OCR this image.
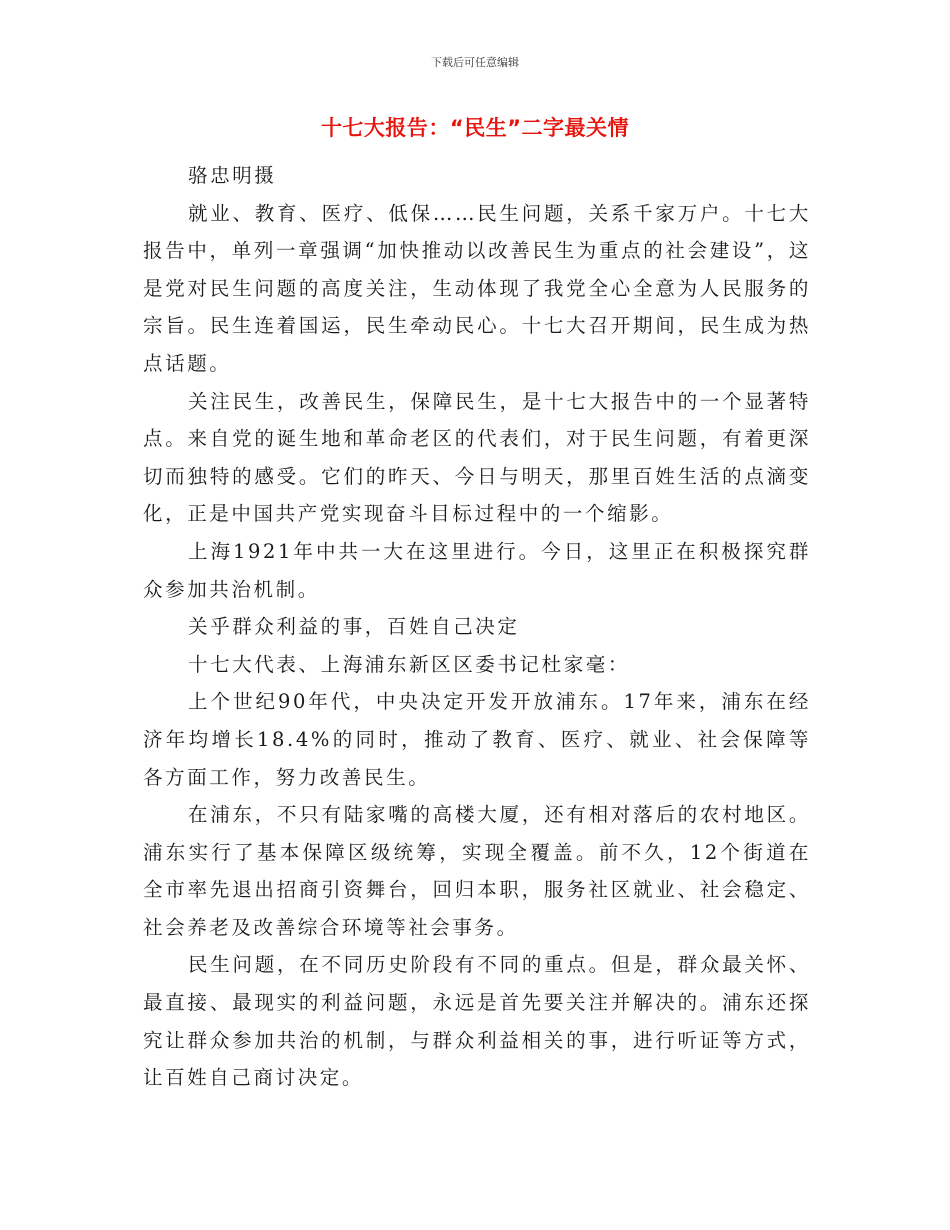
下载后可任意编辑
十七大报告：“民生”二字最关情

骆忠明摄

就业、教育、医疗、低保……民生问题，关系千家万户。十七大报告中，单列一章强调“加快推动以改善民生为重点的社会建设”，这是党对民生问题的高度关注，生动体现了我党全心全意为人民服务的宗旨。民生连着国运，民生牵动民心。十七大召开期间，民生成为热点话题。

关注民生，改善民生，保障民生，是十七大报告中的一个显著特点。来自党的诞生地和革命老区的代表们，对于民生问题，有着更深切而独特的感受。它们的昨天、今日与明天，那里百姓生活的点滴变化，正是中国共产党实现奋斗目标过程中的一个缩影。

上海1921年中共一大在这里进行。今日，这里正在积极探究群众参加共治机制。

关乎群众利益的事，百姓自己决定

十七大代表、上海浦东新区区委书记杜家毫：

上个世纪90年代，中央决定开发开放浦东。17年来，浦东在经济年均增长18.4%的同时，推动了教育、医疗、就业、社会保障等各方面工作，努力改善民生。

在浦东，不只有陆家嘴的高楼大厦，还有相对落后的农村地区。浦东实行了基本保障区级统筹，实现全覆盖。前不久，12个街道在全市率先退出招商引资舞台，回归本职，服务社区就业、社会稳定、社会养老及改善综合环境等社会事务。

民生问题，在不同历史阶段有不同的重点。但是，群众最关怀、最直接、最现实的利益问题，永远是首先要关注并解决的。浦东还探究让群众参加共治的机制，与群众利益相关的事，进行听证等方式，让百姓自己商讨决定。
